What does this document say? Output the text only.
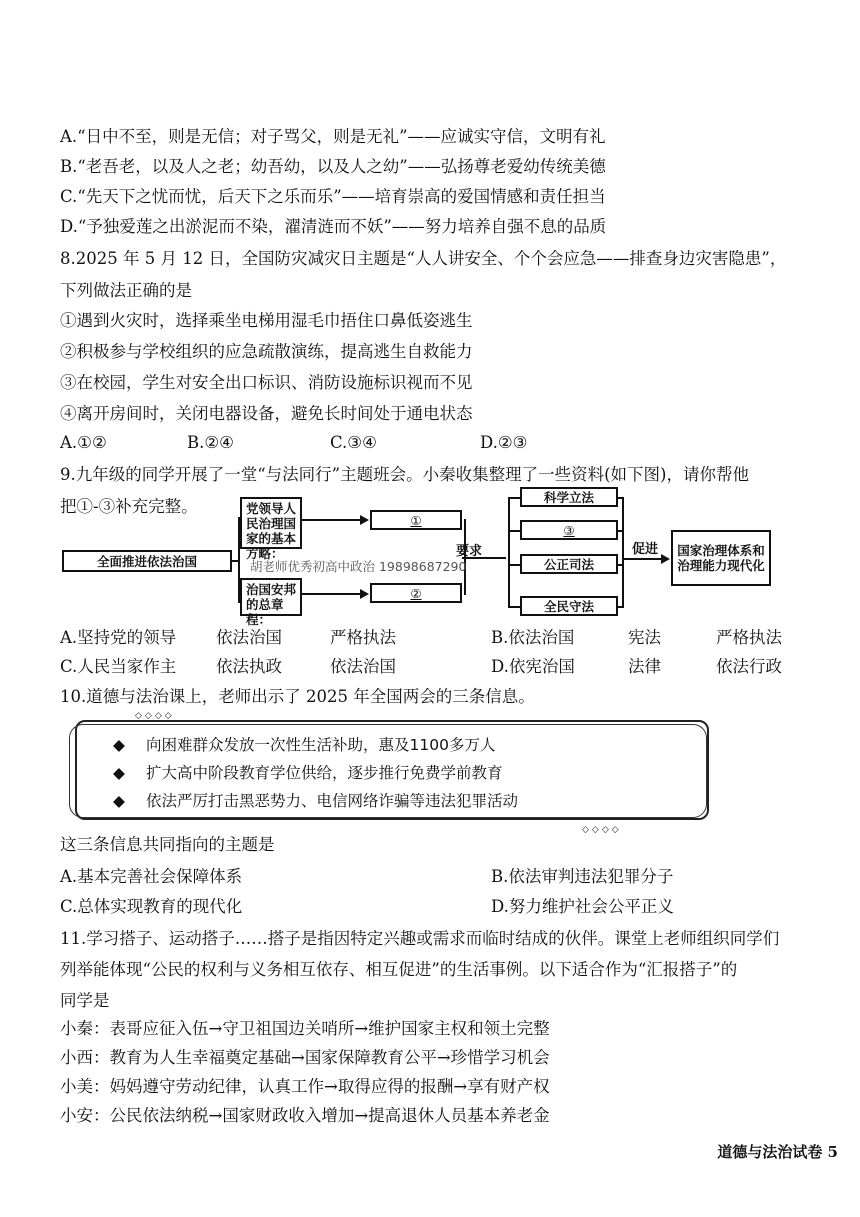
A.“日中不至，则是无信；对子骂父，则是无礼”——应诚实守信，文明有礼
B.“老吾老，以及人之老；幼吾幼，以及人之幼”——弘扬尊老爱幼传统美德
C.“先天下之忧而忧，后天下之乐而乐”——培育崇高的爱国情感和责任担当
D.“予独爱莲之出淤泥而不染，濯清涟而不妖”——努力培养自强不息的品质
8.2025 年 5 月 12 日，全国防灾减灾日主题是“人人讲安全、个个会应急——排查身边灾害隐患”，
下列做法正确的是
①遇到火灾时，选择乘坐电梯用湿毛巾捂住口鼻低姿逃生
②积极参与学校组织的应急疏散演练，提高逃生自救能力
③在校园，学生对安全出口标识、消防设施标识视而不见
④离开房间时，关闭电器设备，避免长时间处于通电状态
A.①②	B.②④	C.③④	D.②③
9.九年级的同学开展了一堂“与法同行”主题班会。小秦收集整理了一些资料(如下图)，请你帮他
把①-③补充完整。
全面推进依法治国
党领导人民治理国家的基本方略：
治国安邦的总章程：
①
②
要求
科学立法
③
公正司法
全民守法
促进	国家治理体系和治理能力现代化
胡老师优秀初高中政治 19898687290
A.坚持党的领导 依法治国	严格执法	B.依法治国	宪法	严格执法
C.人民当家作主 依法执政	依法治国	D.依宪治国	法律	依法行政
10.道德与法治课上，老师出示了 2025 年全国两会的三条信息。
◇◇◇◇
◇◇◇◇
◆ 向困难群众发放一次性生活补助，惠及1100多万人
◆ 扩大高中阶段教育学位供给，逐步推行免费学前教育
◆ 依法严厉打击黑恶势力、电信网络诈骗等违法犯罪活动
这三条信息共同指向的主题是
A.基本完善社会保障体系	B.依法审判违法犯罪分子
C.总体实现教育的现代化	D.努力维护社会公平正义
11.学习搭子、运动搭子……搭子是指因特定兴趣或需求而临时结成的伙伴。课堂上老师组织同学们
列举能体现“公民的权利与义务相互依存、相互促进”的生活事例。以下适合作为“汇报搭子”的
同学是
小秦：表哥应征入伍→守卫祖国边关哨所→维护国家主权和领土完整
小西：教育为人生幸福奠定基础→国家保障教育公平→珍惜学习机会
小美：妈妈遵守劳动纪律，认真工作→取得应得的报酬→享有财产权
小安：公民依法纳税→国家财政收入增加→提高退休人员基本养老金
道德与法治试卷 5
